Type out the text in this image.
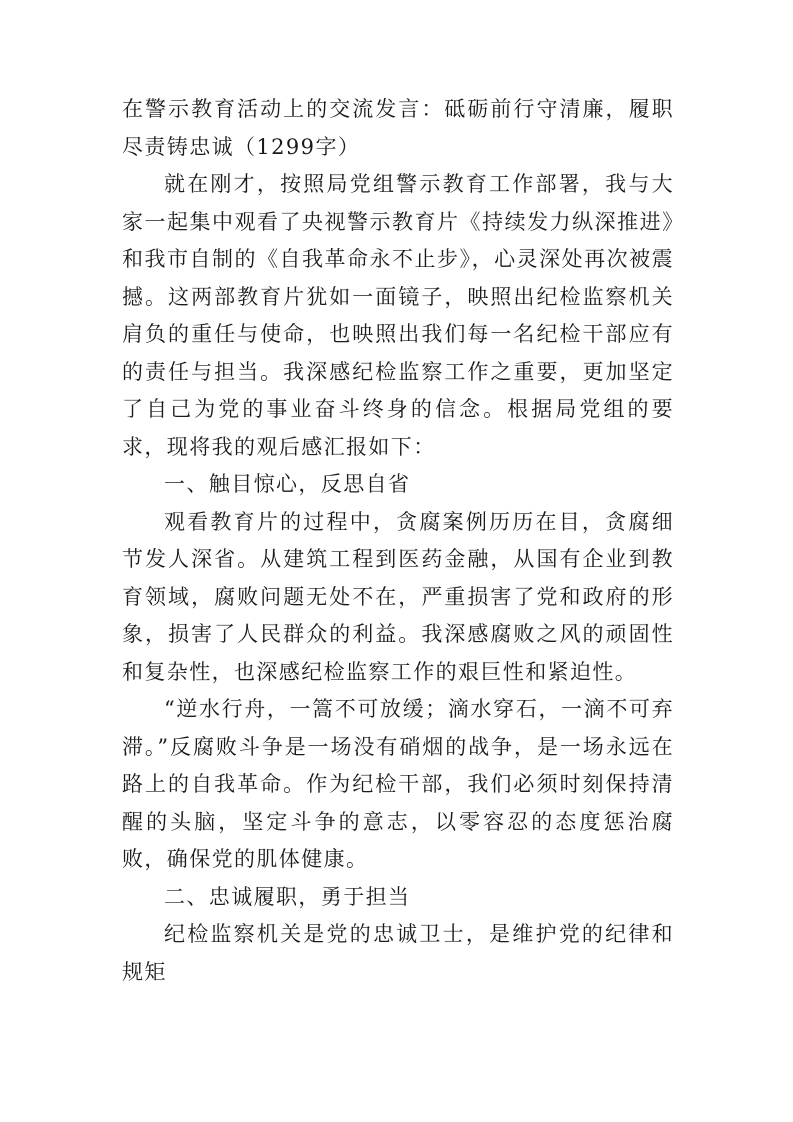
在警示教育活动上的交流发言：砥砺前行守清廉，履职尽责铸忠诚（1299字）

就在刚才，按照局党组警示教育工作部署，我与大家一起集中观看了央视警示教育片《持续发力纵深推进》和我市自制的《自我革命永不止步》，心灵深处再次被震撼。这两部教育片犹如一面镜子，映照出纪检监察机关肩负的重任与使命，也映照出我们每一名纪检干部应有的责任与担当。我深感纪检监察工作之重要，更加坚定了自己为党的事业奋斗终身的信念。根据局党组的要求，现将我的观后感汇报如下：

一、触目惊心，反思自省

观看教育片的过程中，贪腐案例历历在目，贪腐细节发人深省。从建筑工程到医药金融，从国有企业到教育领域，腐败问题无处不在，严重损害了党和政府的形象，损害了人民群众的利益。我深感腐败之风的顽固性和复杂性，也深感纪检监察工作的艰巨性和紧迫性。

“逆水行舟，一篙不可放缓；滴水穿石，一滴不可弃滞。”反腐败斗争是一场没有硝烟的战争，是一场永远在路上的自我革命。作为纪检干部，我们必须时刻保持清醒的头脑，坚定斗争的意志，以零容忍的态度惩治腐败，确保党的肌体健康。

二、忠诚履职，勇于担当

纪检监察机关是党的忠诚卫士，是维护党的纪律和规矩
